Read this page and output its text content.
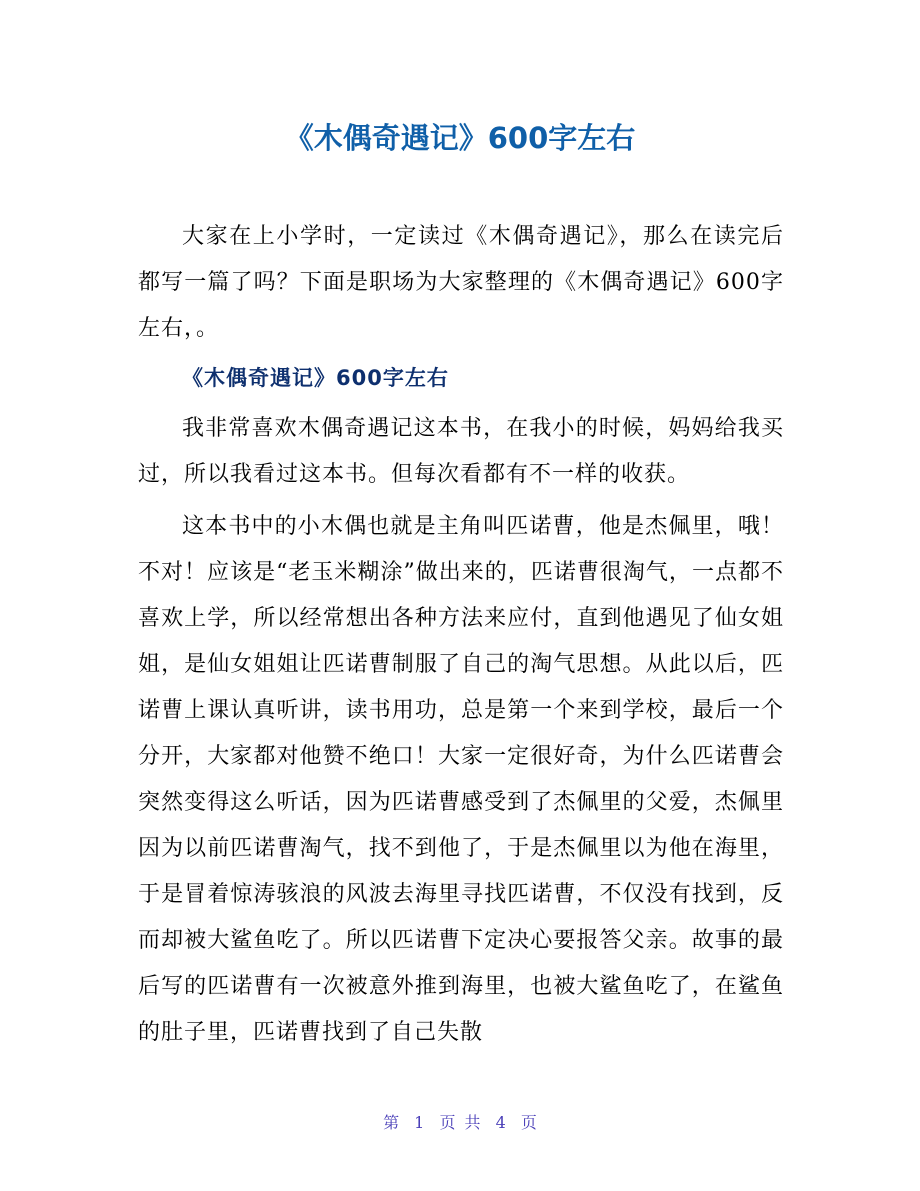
《木偶奇遇记》600字左右

大家在上小学时，一定读过《木偶奇遇记》，那么在读完后都写一篇了吗？下面是职场为大家整理的《木偶奇遇记》600字左右，。

《木偶奇遇记》600字左右

我非常喜欢木偶奇遇记这本书，在我小的时候，妈妈给我买过，所以我看过这本书。但每次看都有不一样的收获。

这本书中的小木偶也就是主角叫匹诺曹，他是杰佩里，哦！不对！应该是“老玉米糊涂”做出来的，匹诺曹很淘气，一点都不喜欢上学，所以经常想出各种方法来应付，直到他遇见了仙女姐姐，是仙女姐姐让匹诺曹制服了自己的淘气思想。从此以后，匹诺曹上课认真听讲，读书用功，总是第一个来到学校，最后一个分开，大家都对他赞不绝口！大家一定很好奇，为什么匹诺曹会突然变得这么听话，因为匹诺曹感受到了杰佩里的父爱，杰佩里因为以前匹诺曹淘气，找不到他了，于是杰佩里以为他在海里，于是冒着惊涛骇浪的风波去海里寻找匹诺曹，不仅没有找到，反而却被大鲨鱼吃了。所以匹诺曹下定决心要报答父亲。故事的最后写的匹诺曹有一次被意外推到海里，也被大鲨鱼吃了，在鲨鱼的肚子里，匹诺曹找到了自己失散

第 1 页 共 4 页
